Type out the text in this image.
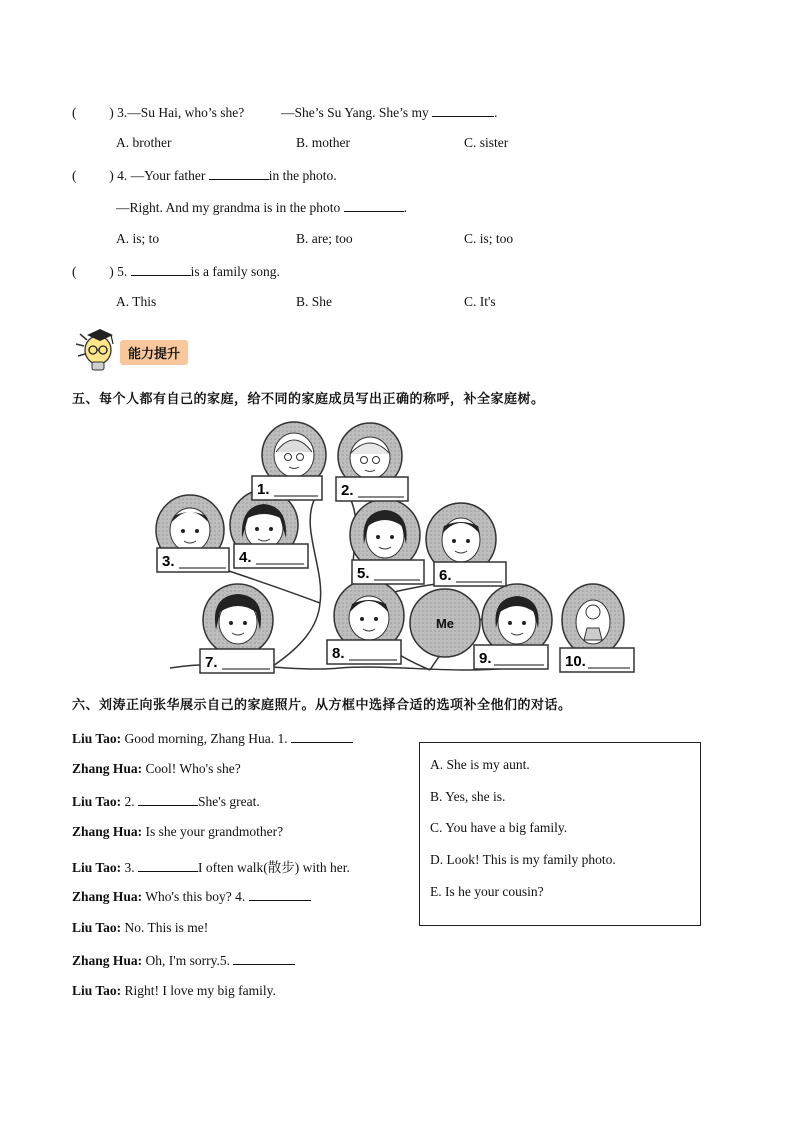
( ) 3.—Su Hai, who’s she?	—She’s Su Yang. She’s my	.
A. brother	B. mother	C. sister
( ) 4. —Your father	in the photo.
—Right. And my grandma is in the photo	.
A. is; to	B. are; too	C. is; too
( ) 5.	is a family song.
A. This	B. She	C. It's
能力提升
五、每个人都有自己的家庭，给不同的家庭成员写出正确的称呼，补全家庭树。
Me
1.	2.
3.	4.
5.	6.
7.
8.	9.	10.
六、刘涛正向张华展示自己的家庭照片。从方框中选择合适的选项补全他们的对话。
Liu Tao: Good morning, Zhang Hua. 1.
Zhang Hua: Cool! Who's she?
Liu Tao: 2.	She's great.
Zhang Hua: Is she your grandmother?
Liu Tao: 3.	I often walk(散步) with her.
Zhang Hua: Who's this boy? 4.
Liu Tao: No. This is me!
Zhang Hua: Oh, I'm sorry.5.
Liu Tao: Right! I love my big family.
A. She is my aunt.
B. Yes, she is.
C. You have a big family.
D. Look! This is my family photo.
E. Is he your cousin?
